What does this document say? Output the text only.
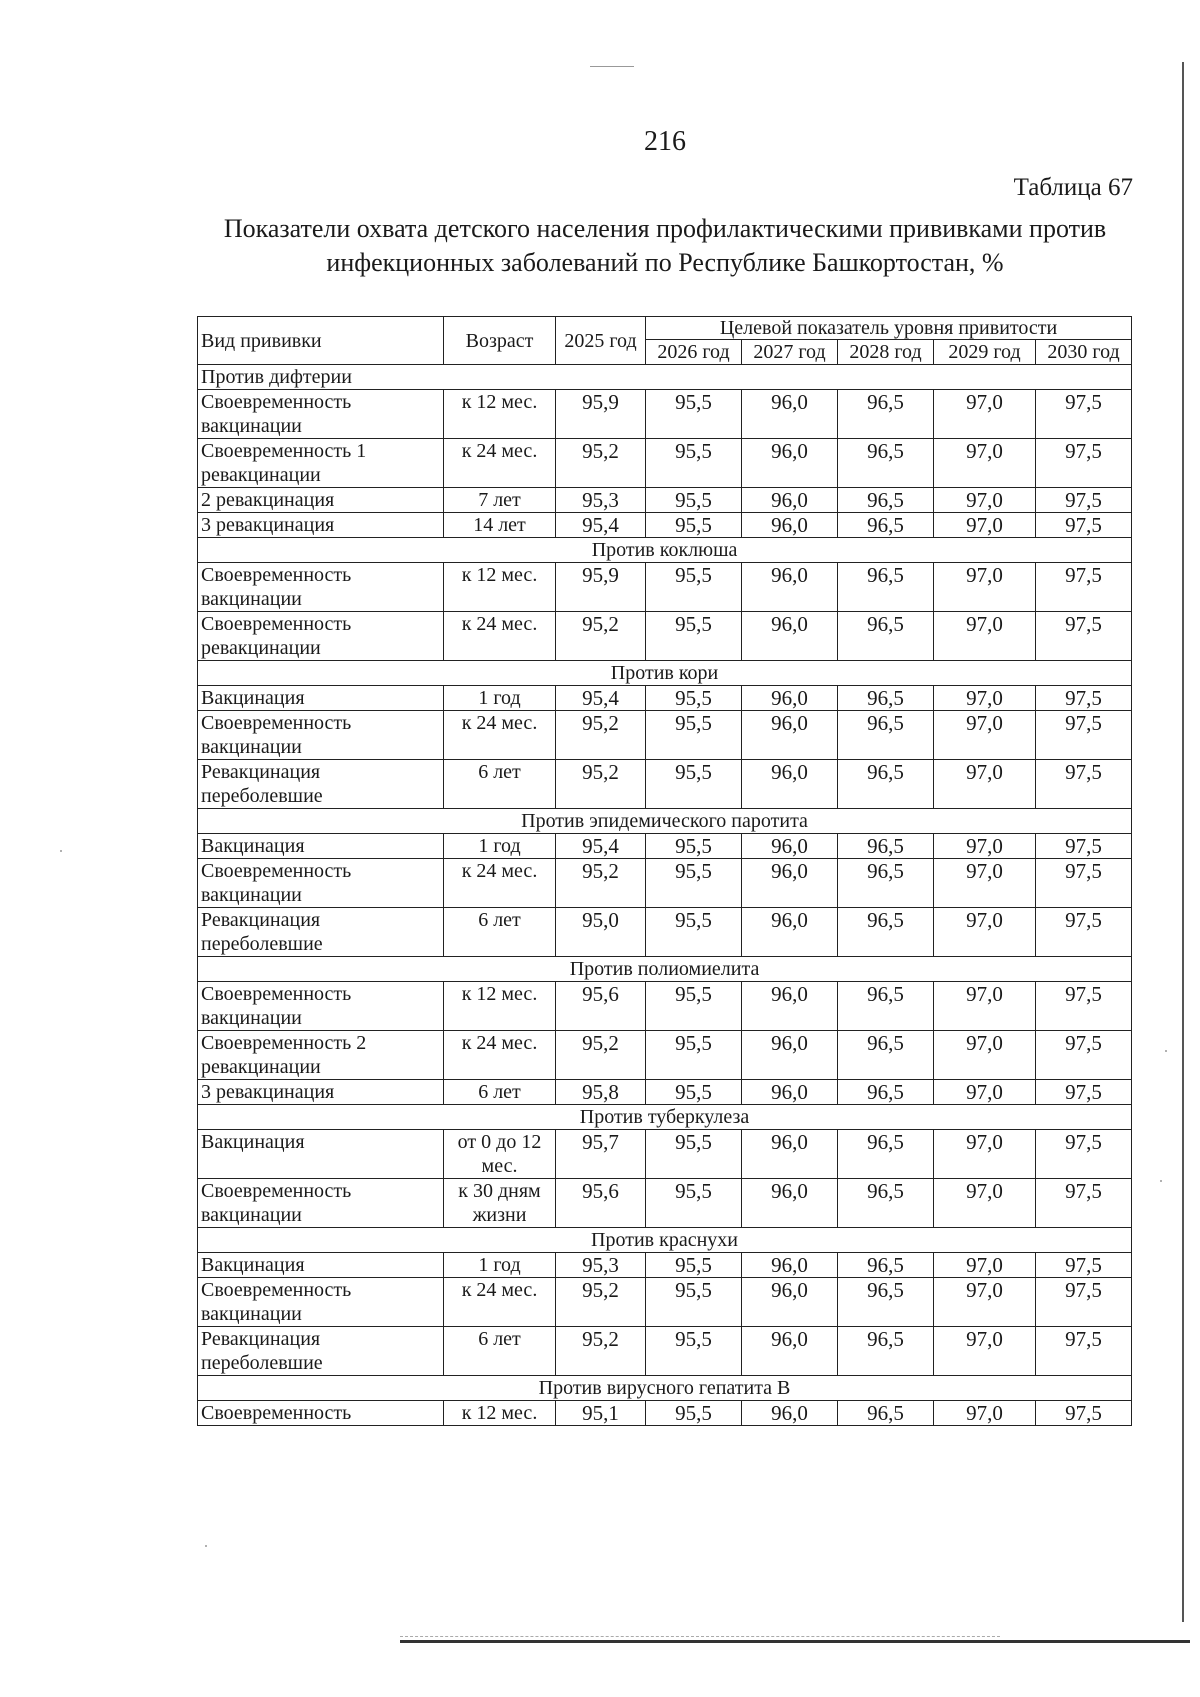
216
Таблица 67
Показатели охвата детского населения профилактическими прививками против инфекционных заболеваний по Республике Башкортостан, %
Вид прививки	Возраст	2025 год	Целевой показатель уровня привитости				
			2026 год	2027 год	2028 год	2029 год	2030 год
Против дифтерии							
Своевременность вакцинации	к 12 мес.	95,9	95,5	96,0	96,5	97,0	97,5
Своевременность 1 ревакцинации	к 24 мес.	95,2	95,5	96,0	96,5	97,0	97,5
2 ревакцинация	7 лет	95,3	95,5	96,0	96,5	97,0	97,5
3 ревакцинация	14 лет	95,4	95,5	96,0	96,5	97,0	97,5
Против коклюша							
Своевременность вакцинации	к 12 мес.	95,9	95,5	96,0	96,5	97,0	97,5
Своевременность ревакцинации	к 24 мес.	95,2	95,5	96,0	96,5	97,0	97,5
Против кори							
Вакцинация	1 год	95,4	95,5	96,0	96,5	97,0	97,5
Своевременность вакцинации	к 24 мес.	95,2	95,5	96,0	96,5	97,0	97,5
Ревакцинация переболевшие	6 лет	95,2	95,5	96,0	96,5	97,0	97,5
Против эпидемического паротита							
Вакцинация	1 год	95,4	95,5	96,0	96,5	97,0	97,5
Своевременность вакцинации	к 24 мес.	95,2	95,5	96,0	96,5	97,0	97,5
Ревакцинация переболевшие	6 лет	95,0	95,5	96,0	96,5	97,0	97,5
Против полиомиелита							
Своевременность вакцинации	к 12 мес.	95,6	95,5	96,0	96,5	97,0	97,5
Своевременность 2 ревакцинации	к 24 мес.	95,2	95,5	96,0	96,5	97,0	97,5
3 ревакцинация	6 лет	95,8	95,5	96,0	96,5	97,0	97,5
Против туберкулеза							
Вакцинация	от 0 до 12 мес.	95,7	95,5	96,0	96,5	97,0	97,5
Своевременность вакцинации	к 30 дням жизни	95,6	95,5	96,0	96,5	97,0	97,5
Против краснухи							
Вакцинация	1 год	95,3	95,5	96,0	96,5	97,0	97,5
Своевременность вакцинации	к 24 мес.	95,2	95,5	96,0	96,5	97,0	97,5
Ревакцинация переболевшие	6 лет	95,2	95,5	96,0	96,5	97,0	97,5
Против вирусного гепатита В							
Своевременность	к 12 мес.	95,1	95,5	96,0	96,5	97,0	97,5
